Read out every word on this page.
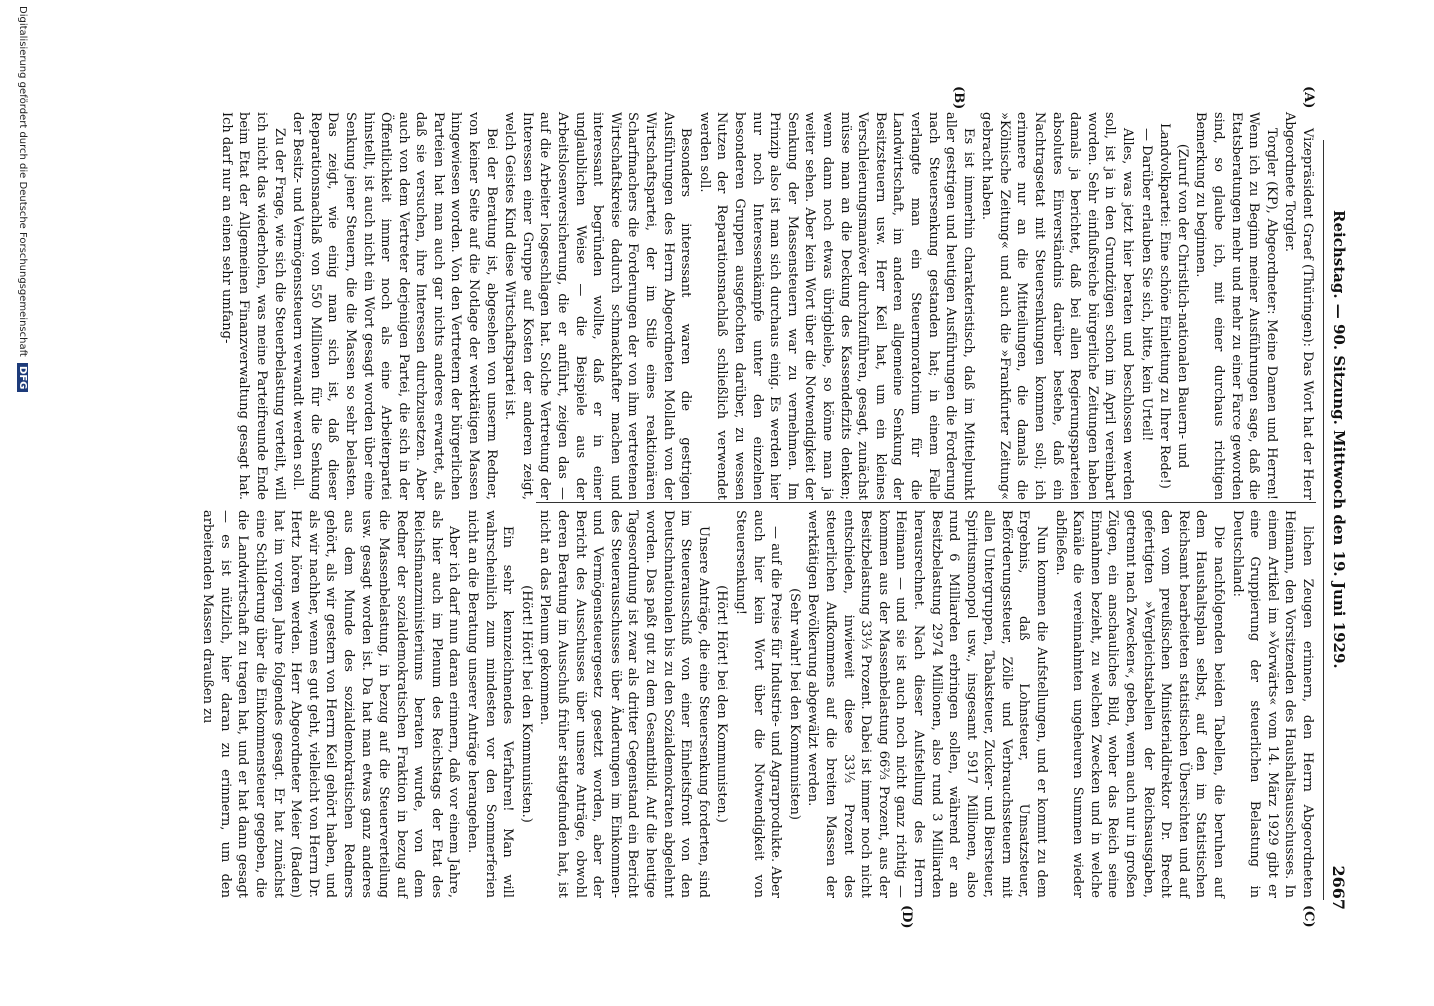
Reichstag. — 90. Sitzung. Mittwoch den 19. Juni 1929.
2667
(A)
(B)
(C)
(D)

Vizepräsident Graef (Thüringen): Das Wort hat der Herr Abgeordnete Torgler.

Torgler (KP), Abgeordneter: Meine Damen und Herren! Wenn ich zu Beginn meiner Ausführungen sage, daß die Etatsberatungen mehr und mehr zu einer Farce geworden sind, so glaube ich, mit einer durchaus richtigen Bemerkung zu beginnen.

(Zuruf von der Christlich-nationalen Bauern- und Landvolkpartei: Eine schöne Einleitung zu Ihrer Rede!)

— Darüber erlauben Sie sich, bitte, kein Urteil!

Alles, was jetzt hier beraten und beschlossen werden soll, ist ja in den Grundzügen schon im April vereinbart worden. Sehr einflußreiche bürgerliche Zeitungen haben damals ja berichtet, daß bei allen Regierungsparteien absolutes Einverständnis darüber bestehe, daß ein Nachtragsetat mit Steuersenkungen kommen soll; ich erinnere nur an die Mitteilungen, die damals die »Kölnische Zeitung« und auch die »Frankfurter Zeitung« gebracht haben.

Es ist immerhin charakteristisch, daß im Mittelpunkt aller gestrigen und heutigen Ausführungen die Forderung nach Steuersenkung gestanden hat; in einem Falle verlangte man ein Steuermoratorium für die Landwirtschaft, im anderen allgemeine Senkung der Besitzsteuern usw. Herr Keil hat, um ein kleines Verschleierungsmanöver durchzuführen, gesagt, zunächst müsse man an die Deckung des Kassendefizits denken; wenn dann noch etwas übrigbleibe, so könne man ja weiter sehen. Aber kein Wort über die Notwendigkeit der Senkung der Massensteuern war zu vernehmen. Im Prinzip also ist man sich durchaus einig. Es werden hier nur noch Interessenkämpfe unter den einzelnen besonderen Gruppen ausgefochten darüber, zu wessen Nutzen der Reparationsnachlaß schließlich verwendet werden soll.

Besonders interessant waren die gestrigen Ausführungen des Herrn Abgeordneten Mollath von der Wirtschaftspartei, der im Stile eines reaktionären Scharfmachers die Forderungen der von ihm vertretenen Wirtschaftskreise dadurch schmackhafter machen und interessant begründen wollte, daß er in einer unglaublichen Weise — die Beispiele aus der Arbeitslosenversicherung, die er anführt, zeigen das — auf die Arbeiter losgeschlagen hat. Solche Vertretung der Interessen einer Gruppe auf Kosten der anderen zeigt, welch Geistes Kind diese Wirtschaftspartei ist.

Bei der Beratung ist, abgesehen von unserm Redner, von keiner Seite auf die Notlage der werktätigen Massen hingewiesen worden. Von den Vertretern der bürgerlichen Parteien hat man auch gar nichts anderes erwartet, als daß sie versuchen, ihre Interessen durchzusetzen. Aber auch von dem Vertreter derjenigen Partei, die sich in der Öffentlichkeit immer noch als eine Arbeiterpartei hinstellt, ist auch nicht ein Wort gesagt worden über eine Senkung jener Steuern, die die Massen so sehr belasten. Das zeigt, wie einig man sich ist, daß dieser Reparationsnachlaß von 550 Millionen für die Senkung der Besitz- und Vermögenssteuern verwandt werden soll.

Zu der Frage, wie sich die Steuerbelastung verteilt, will ich nicht das wiederholen, was meine Parteifreunde Ende beim Etat der Allgemeinen Finanzverwaltung gesagt hat. Ich darf nur an einen sehr umfang-

lichen Zeugen erinnern, den Herrn Abgeordneten Heimann, den Vorsitzenden des Haushaltsausschusses. In einem Artikel im »Vorwärts« vom 14. März 1929 gibt er eine Gruppierung der steuerlichen Belastung in Deutschland:

Die nachfolgenden beiden Tabellen, die beruhen auf dem Haushaltsplan selbst, auf den im Statistischen Reichsamt bearbeiteten statistischen Übersichten und auf den vom preußischen Ministerialdirektor Dr. Brecht gefertigten »Vergleichstabellen der Reichsausgaben, getrennt nach Zwecken«, geben, wenn auch nur in großen Zügen, ein anschauliches Bild, woher das Reich seine Einnahmen bezieht, zu welchen Zwecken und in welche Kanäle die vereinnahmten ungeheuren Summen wieder abfließen.

Nun kommen die Aufstellungen, und er kommt zu dem Ergebnis, daß Lohnsteuer, Umsatzsteuer, Beförderungssteuer, Zölle und Verbrauchssteuern mit allen Untergruppen, Tabaksteuer, Zucker- und Biersteuer, Spiritusmonopol usw., insgesamt 5917 Millionen, also rund 6 Milliarden erbringen sollen, während er an Besitzbelastung 2974 Millionen, also rund 3 Milliarden herausrechnet. Nach dieser Aufstellung des Herrn Heimann — und sie ist auch noch nicht ganz richtig — kommen aus der Massenbelastung 66⅔ Prozent, aus der Besitzbelastung 33⅓ Prozent. Dabei ist immer noch nicht entschieden, inwieweit diese 33⅓ Prozent des steuerlichen Aufkommens auf die breiten Massen der werktätigen Bevölkerung abgewälzt werden.

(Sehr wahr! bei den Kommunisten)

— auf die Preise für Industrie- und Agrarprodukte. Aber auch hier kein Wort über die Notwendigkeit von Steuersenkung!

(Hört! Hört! bei den Kommunisten.)

Unsere Anträge, die eine Steuersenkung forderten, sind im Steuerausschuß von einer Einheitsfront von den Deutschnationalen bis zu den Sozialdemokraten abgelehnt worden. Das paßt gut zu dem Gesamtbild. Auf die heutige Tagesordnung ist zwar als dritter Gegenstand ein Bericht des Steuerausschusses über Änderungen im Einkommen- und Vermögensteuergesetz gesetzt worden, aber der Bericht des Ausschusses über unsere Anträge, obwohl deren Beratung im Ausschuß früher stattgefunden hat, ist nicht an das Plenum gekommen.

(Hört! Hört! bei den Kommunisten.)

Ein sehr kennzeichnendes Verfahren! Man will wahrscheinlich zum mindesten vor den Sommerferien nicht an die Beratung unserer Anträge herangehen.

Aber ich darf nun daran erinnern, daß vor einem Jahre, als hier auch im Plenum des Reichstags der Etat des Reichsfinanzministeriums beraten wurde, von dem Redner der sozialdemokratischen Fraktion in bezug auf die Massenbelastung, in bezug auf die Steuerverteilung usw. gesagt worden ist. Da hat man etwas ganz anderes aus dem Munde des sozialdemokratischen Redners gehört, als wir gestern von Herrn Keil gehört haben, und als wir nachher, wenn es gut geht, vielleicht von Herrn Dr. Hertz hören werden. Herr Abgeordneter Meier (Baden) hat im vorigen Jahre folgendes gesagt. Er hat zunächst eine Schilderung über die Einkommensteuer gegeben, die die Landwirtschaft zu tragen hat, und er hat dann gesagt — es ist nützlich, hier daran zu erinnern, um den arbeitenden Massen draußen zu

Digitalisierung gefördert durch die Deutsche Forschungsgemeinschaft DFG
